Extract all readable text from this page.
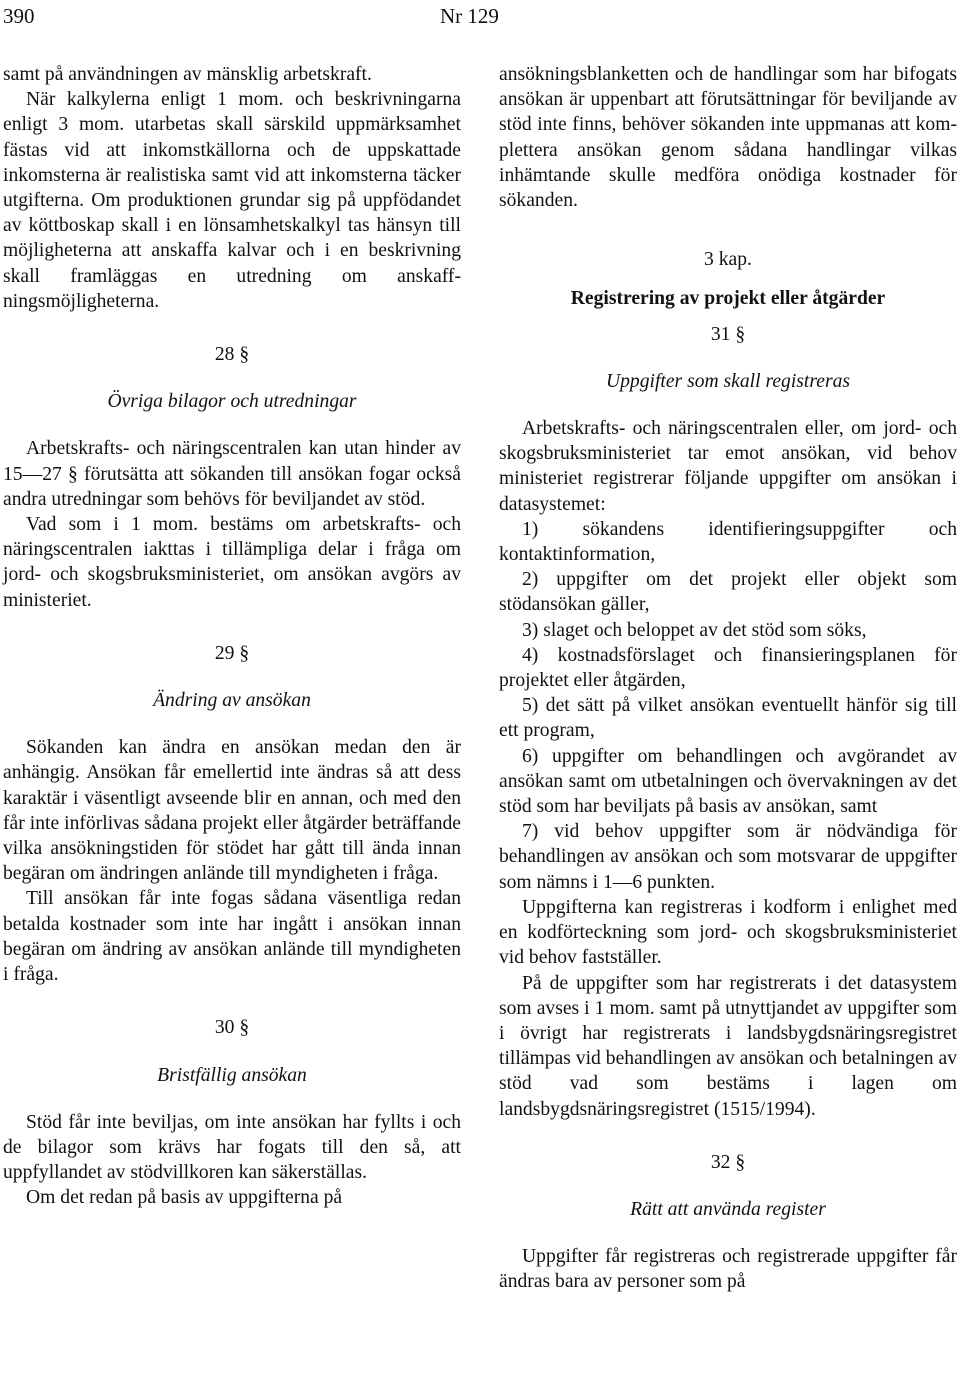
390	Nr 129

samt på användningen av mänsklig arbetskraft.

När kalkylerna enligt 1 mom. och beskrivningarna enligt 3 mom. utarbetas skall särskild uppmärksamhet fästas vid att inkomstkällorna och de uppskattade inkomsterna är realistiska samt vid att inkomsterna täcker utgifterna. Om produktionen grundar sig på uppfödandet av köttboskap skall i en lönsamhetskalkyl tas hänsyn till möjligheterna att anskaffa kalvar och i en beskrivning skall framläggas en utredning om anskaffningsmöjligheterna.

28 §
Övriga bilagor och utredningar

Arbetskrafts- och näringscentralen kan utan hinder av 15—27 § förutsätta att sökanden till ansökan fogar också andra utredningar som behövs för beviljandet av stöd.

Vad som i 1 mom. bestäms om arbetskrafts- och näringscentralen iakttas i tillämpliga delar i fråga om jord- och skogsbruksministeriet, om ansökan avgörs av ministeriet.

29 §
Ändring av ansökan

Sökanden kan ändra en ansökan medan den är anhängig. Ansökan får emellertid inte ändras så att dess karaktär i väsentligt avseende blir en annan, och med den får inte införlivas sådana projekt eller åtgärder beträffande vilka ansökningstiden för stödet har gått till ända innan begäran om ändringen anlände till myndigheten i fråga.

Till ansökan får inte fogas sådana väsentliga redan betalda kostnader som inte har ingått i ansökan innan begäran om ändring av ansökan anlände till myndigheten i fråga.

30 §
Bristfällig ansökan

Stöd får inte beviljas, om inte ansökan har fyllts i och de bilagor som krävs har fogats till den så, att uppfyllandet av stödvillkoren kan säkerställas.

Om det redan på basis av uppgifterna på

ansökningsblanketten och de handlingar som har bifogats ansökan är uppenbart att förutsättningar för beviljande av stöd inte finns, behöver sökanden inte uppmanas att komplettera ansökan genom sådana handlingar vilkas inhämtande skulle medföra onödiga kostnader för sökanden.

3 kap.
Registrering av projekt eller åtgärder
31 §
Uppgifter som skall registreras

Arbetskrafts- och näringscentralen eller, om jord- och skogsbruksministeriet tar emot ansökan, vid behov ministeriet registrerar följande uppgifter om ansökan i datasystemet:

1) sökandens identifieringsuppgifter och kontaktinformation,

2) uppgifter om det projekt eller objekt som stödansökan gäller,

3) slaget och beloppet av det stöd som söks,

4) kostnadsförslaget och finansieringsplanen för projektet eller åtgärden,

5) det sätt på vilket ansökan eventuellt hänför sig till ett program,

6) uppgifter om behandlingen och avgörandet av ansökan samt om utbetalningen och övervakningen av det stöd som har beviljats på basis av ansökan, samt

7) vid behov uppgifter som är nödvändiga för behandlingen av ansökan och som motsvarar de uppgifter som nämns i 1—6 punkten.

Uppgifterna kan registreras i kodform i enlighet med en kodförteckning som jord- och skogsbruksministeriet vid behov fastställer.

På de uppgifter som har registrerats i det datasystem som avses i 1 mom. samt på utnyttjandet av uppgifter som i övrigt har registrerats i landsbygdsnäringsregistret tillämpas vid behandlingen av ansökan och betalningen av stöd vad som bestäms i lagen om landsbygdsnäringsregistret (1515/1994).

32 §
Rätt att använda register

Uppgifter får registreras och registrerade uppgifter får ändras bara av personer som på
